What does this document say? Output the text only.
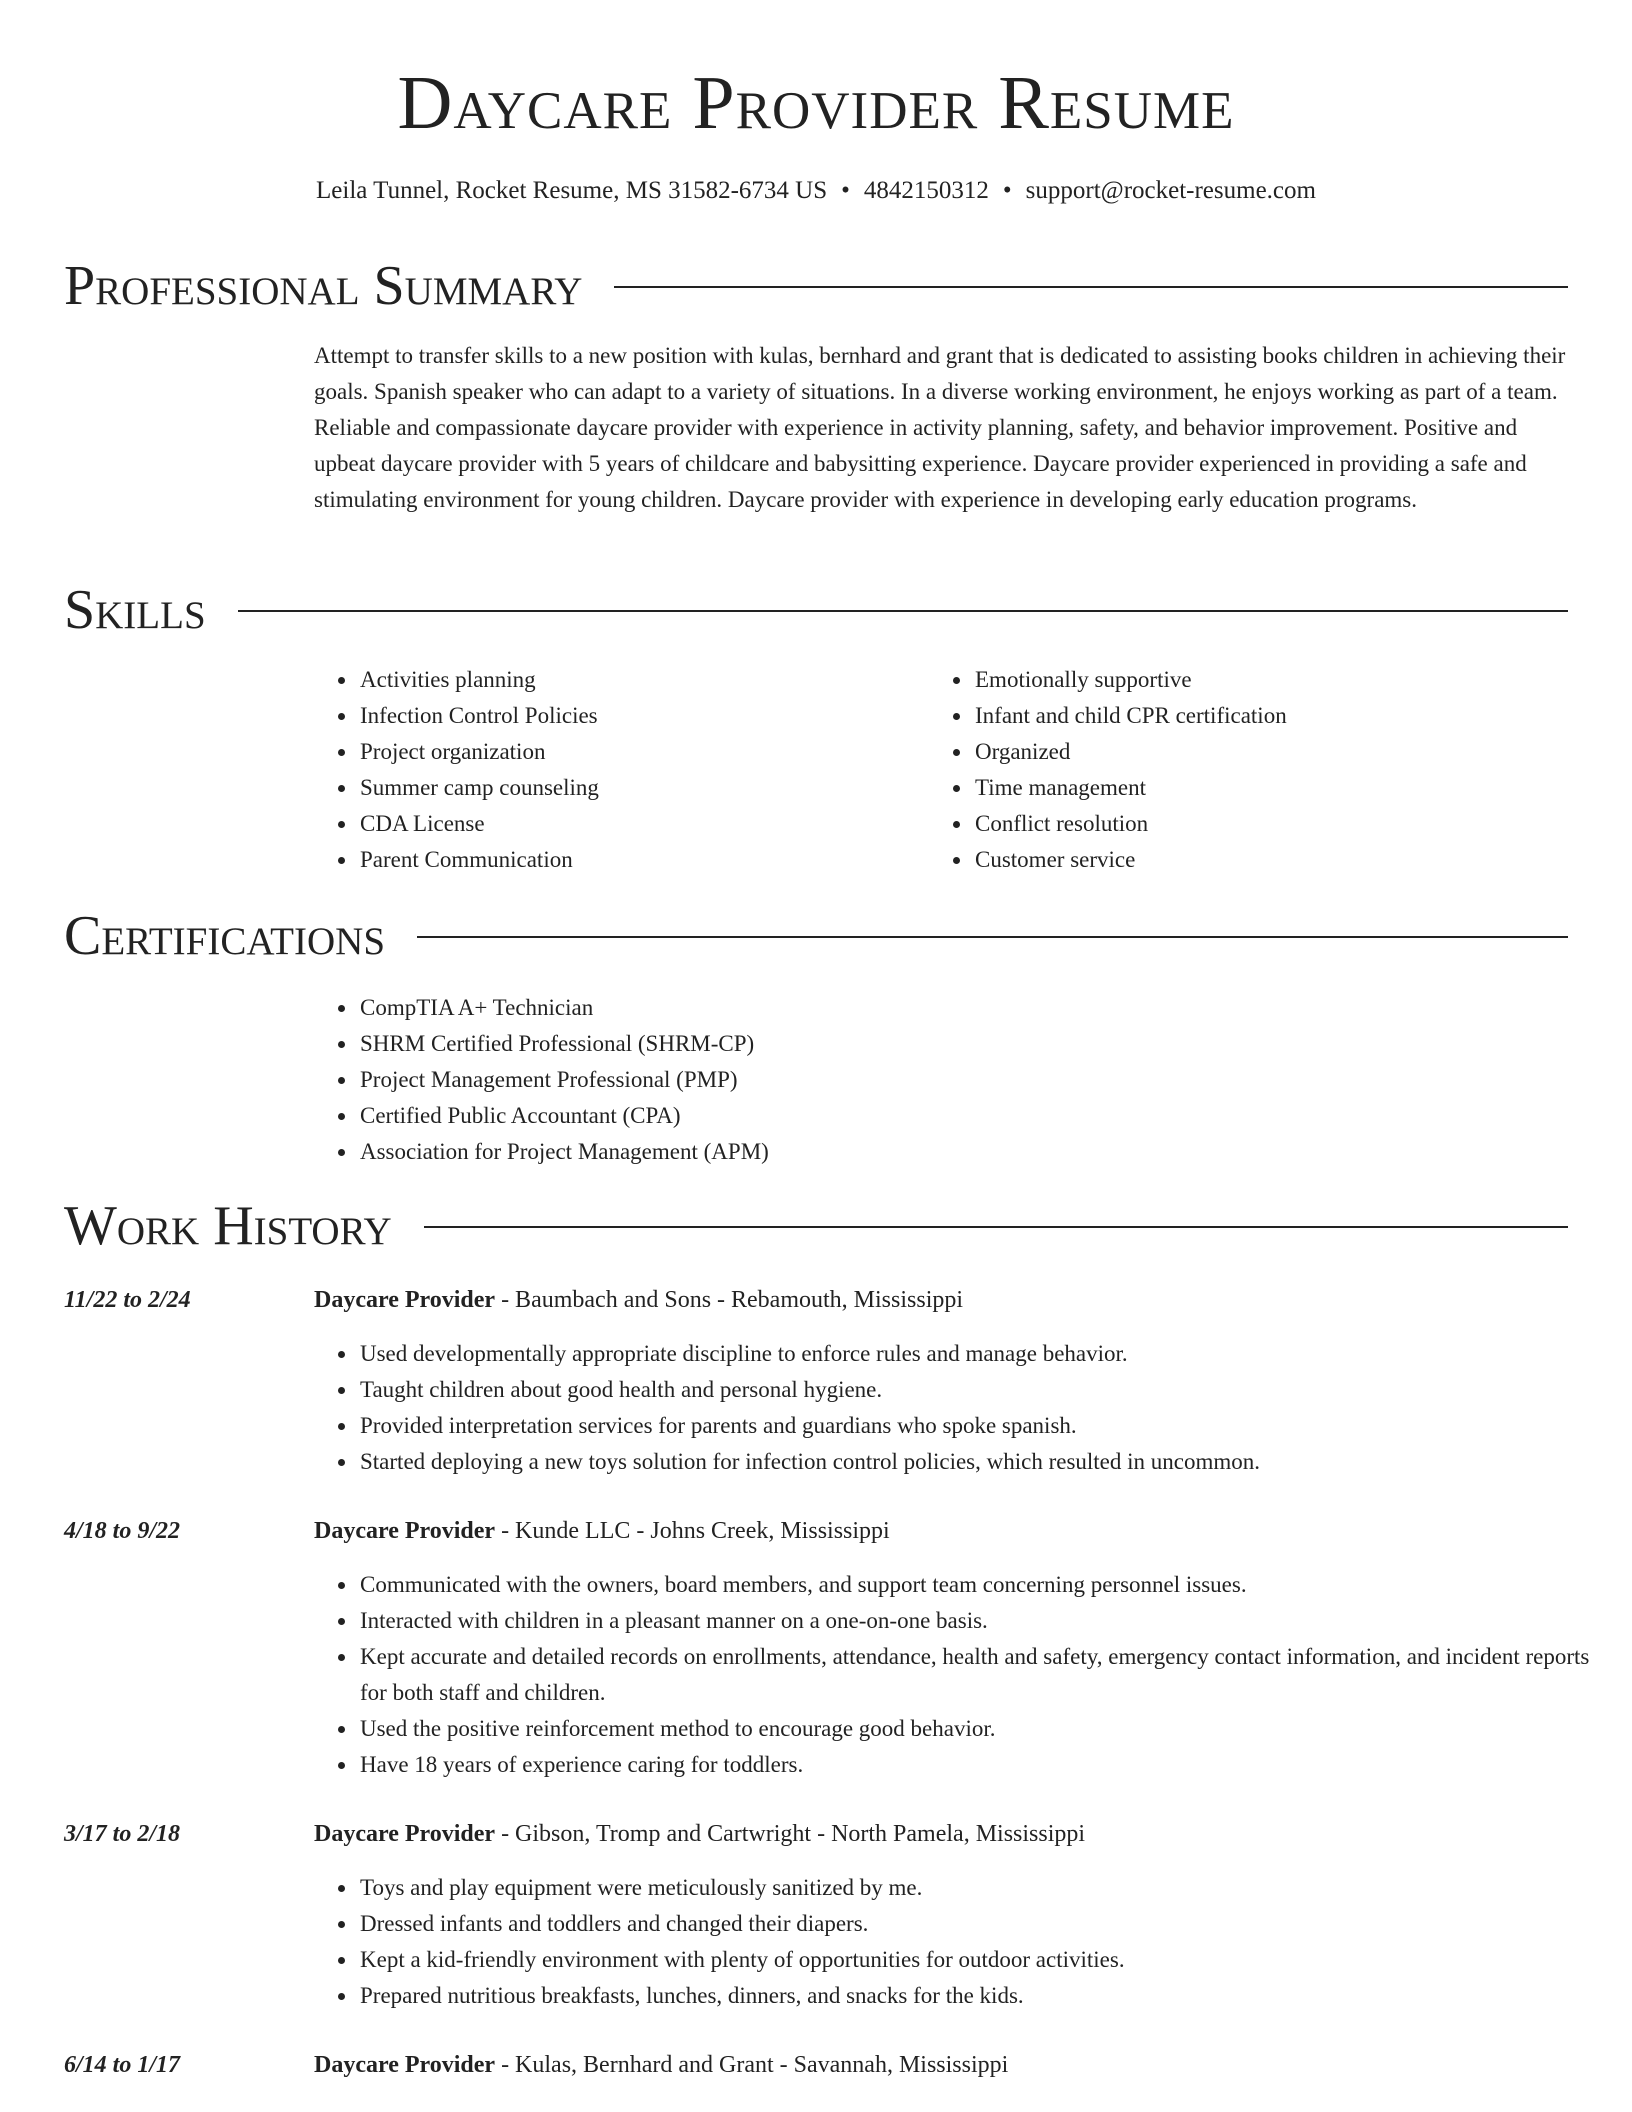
Daycare Provider Resume
Leila Tunnel, Rocket Resume, MS 31582-6734 US • 4842150312 • support@rocket-resume.com
Professional Summary

Attempt to transfer skills to a new position with kulas, bernhard and grant that is dedicated to assisting books children in achieving their goals. Spanish speaker who can adapt to a variety of situations. In a diverse working environment, he enjoys working as part of a team. Reliable and compassionate daycare provider with experience in activity planning, safety, and behavior improvement. Positive and upbeat daycare provider with 5 years of childcare and babysitting experience. Daycare provider experienced in providing a safe and stimulating environment for young children. Daycare provider with experience in developing early education programs.

Skills
• Activities planning
• Infection Control Policies
• Project organization
• Summer camp counseling
• CDA License
• Parent Communication
• Emotionally supportive
• Infant and child CPR certification
• Organized
• Time management
• Conflict resolution
• Customer service
Certifications
• CompTIA A+ Technician
• SHRM Certified Professional (SHRM-CP)
• Project Management Professional (PMP)
• Certified Public Accountant (CPA)
• Association for Project Management (APM)
Work History
11/22 to 2/24	Daycare Provider - Baumbach and Sons - Rebamouth, Mississippi
• Used developmentally appropriate discipline to enforce rules and manage behavior.
• Taught children about good health and personal hygiene.
• Provided interpretation services for parents and guardians who spoke spanish.
• Started deploying a new toys solution for infection control policies, which resulted in uncommon.
4/18 to 9/22	Daycare Provider - Kunde LLC - Johns Creek, Mississippi
• Communicated with the owners, board members, and support team concerning personnel issues.
• Interacted with children in a pleasant manner on a one-on-one basis.
• Kept accurate and detailed records on enrollments, attendance, health and safety, emergency contact information, and incident reports for both staff and children.
• Used the positive reinforcement method to encourage good behavior.
• Have 18 years of experience caring for toddlers.
3/17 to 2/18	Daycare Provider - Gibson, Tromp and Cartwright - North Pamela, Mississippi
• Toys and play equipment were meticulously sanitized by me.
• Dressed infants and toddlers and changed their diapers.
• Kept a kid-friendly environment with plenty of opportunities for outdoor activities.
• Prepared nutritious breakfasts, lunches, dinners, and snacks for the kids.
6/14 to 1/17	Daycare Provider - Kulas, Bernhard and Grant - Savannah, Mississippi
